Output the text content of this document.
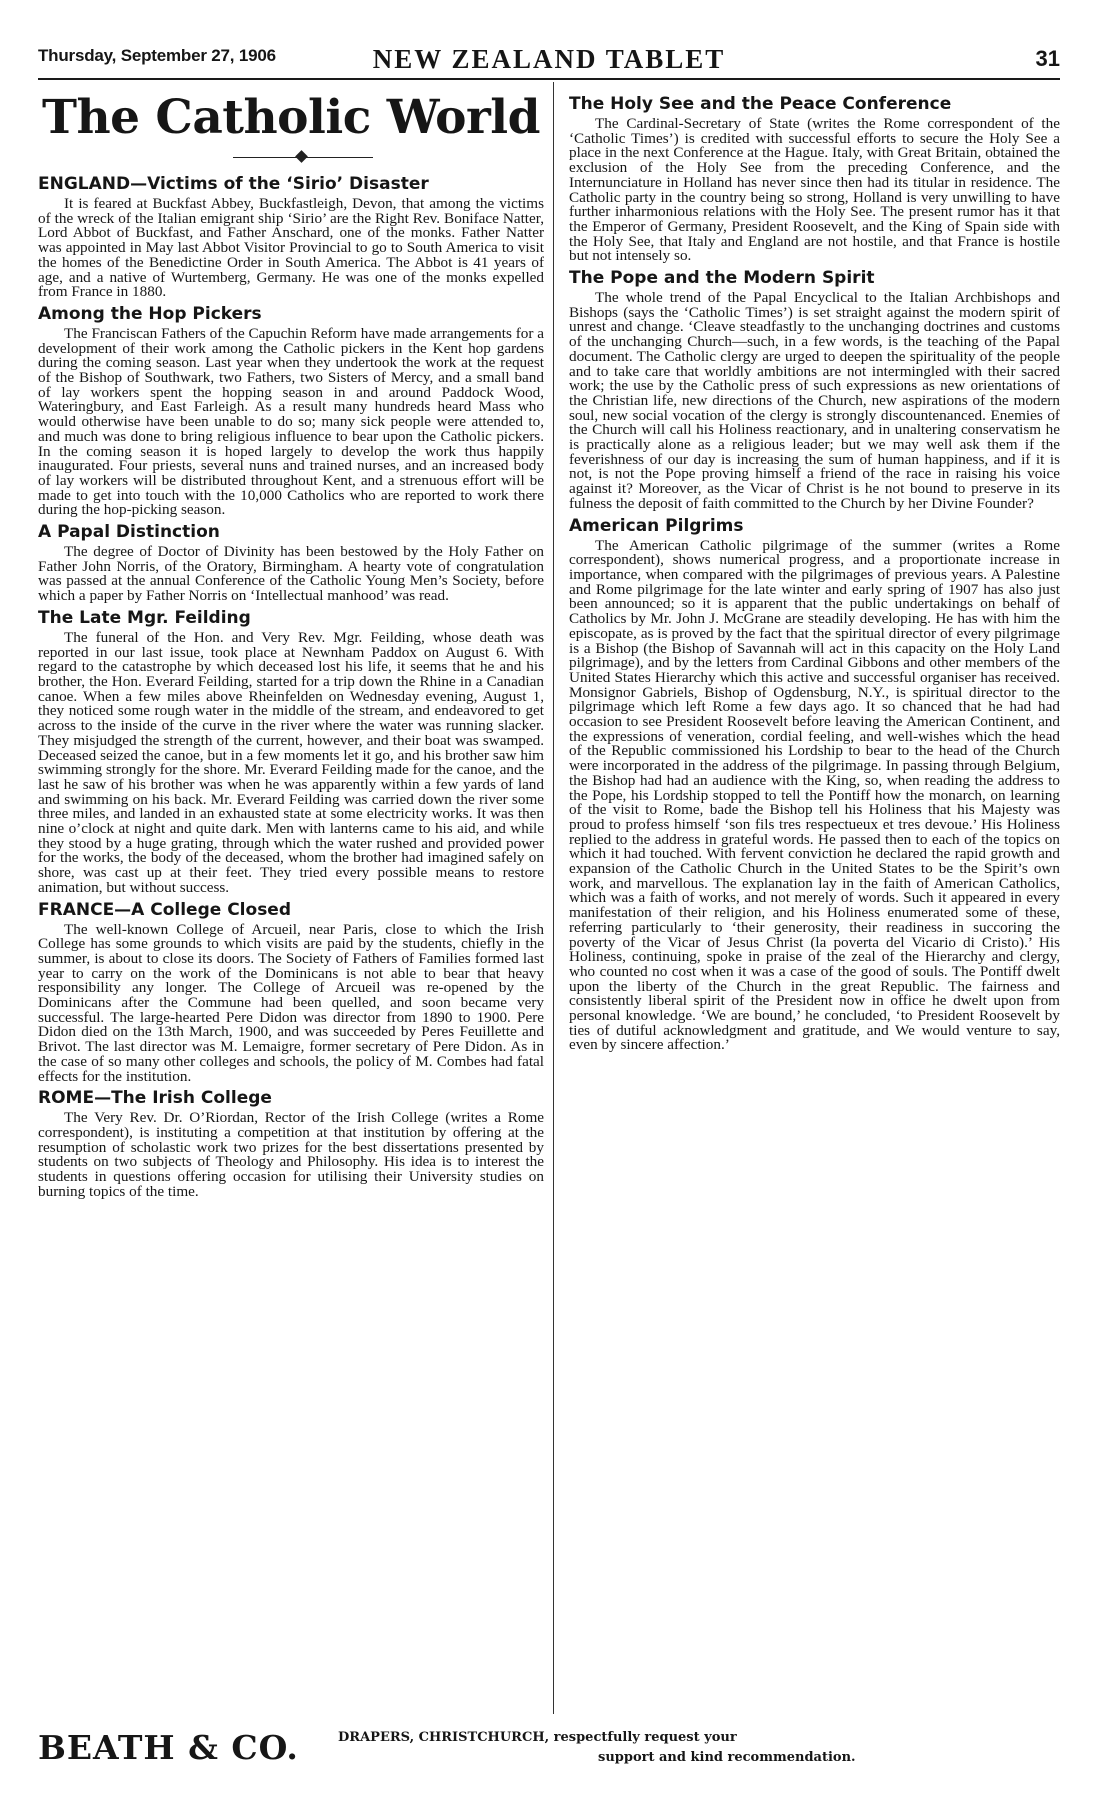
Thursday, September 27, 1906	NEW ZEALAND TABLET	31
The Catholic World
ENGLAND—Victims of the ‘Sirio’ Disaster

It is feared at Buckfast Abbey, Buckfastleigh, Devon, that among the victims of the wreck of the Italian emigrant ship ‘Sirio’ are the Right Rev. Boniface Natter, Lord Abbot of Buckfast, and Father Anschard, one of the monks. Father Natter was appointed in May last Abbot Visitor Provincial to go to South America to visit the homes of the Benedictine Order in South America. The Abbot is 41 years of age, and a native of Wurtemberg, Germany. He was one of the monks expelled from France in 1880.

Among the Hop Pickers

The Franciscan Fathers of the Capuchin Reform have made arrangements for a development of their work among the Catholic pickers in the Kent hop gardens during the coming season. Last year when they undertook the work at the request of the Bishop of Southwark, two Fathers, two Sisters of Mercy, and a small band of lay workers spent the hopping season in and around Paddock Wood, Wateringbury, and East Farleigh. As a result many hundreds heard Mass who would otherwise have been unable to do so; many sick people were attended to, and much was done to bring religious influence to bear upon the Catholic pickers. In the coming season it is hoped largely to develop the work thus happily inaugurated. Four priests, several nuns and trained nurses, and an increased body of lay workers will be distributed throughout Kent, and a strenuous effort will be made to get into touch with the 10,000 Catholics who are reported to work there during the hop-picking season.

A Papal Distinction

The degree of Doctor of Divinity has been bestowed by the Holy Father on Father John Norris, of the Oratory, Birmingham. A hearty vote of congratulation was passed at the annual Conference of the Catholic Young Men’s Society, before which a paper by Father Norris on ‘Intellectual manhood’ was read.

The Late Mgr. Feilding

The funeral of the Hon. and Very Rev. Mgr. Feilding, whose death was reported in our last issue, took place at Newnham Paddox on August 6. With regard to the catastrophe by which deceased lost his life, it seems that he and his brother, the Hon. Everard Feilding, started for a trip down the Rhine in a Canadian canoe. When a few miles above Rheinfelden on Wednesday evening, August 1, they noticed some rough water in the middle of the stream, and endeavored to get across to the inside of the curve in the river where the water was running slacker. They misjudged the strength of the current, however, and their boat was swamped. Deceased seized the canoe, but in a few moments let it go, and his brother saw him swimming strongly for the shore. Mr. Everard Feilding made for the canoe, and the last he saw of his brother was when he was apparently within a few yards of land and swimming on his back. Mr. Everard Feilding was carried down the river some three miles, and landed in an exhausted state at some electricity works. It was then nine o’clock at night and quite dark. Men with lanterns came to his aid, and while they stood by a huge grating, through which the water rushed and provided power for the works, the body of the deceased, whom the brother had imagined safely on shore, was cast up at their feet. They tried every possible means to restore animation, but without success.

FRANCE—A College Closed

The well-known College of Arcueil, near Paris, close to which the Irish College has some grounds to which visits are paid by the students, chiefly in the summer, is about to close its doors. The Society of Fathers of Families formed last year to carry on the work of the Dominicans is not able to bear that heavy responsibility any longer. The College of Arcueil was re-opened by the Dominicans after the Commune had been quelled, and soon became very successful. The large-hearted Pere Didon was director from 1890 to 1900. Pere Didon died on the 13th March, 1900, and was succeeded by Peres Feuillette and Brivot. The last director was M. Lemaigre, former secretary of Pere Didon. As in the case of so many other colleges and schools, the policy of M. Combes had fatal effects for the institution.

ROME—The Irish College

The Very Rev. Dr. O’Riordan, Rector of the Irish College (writes a Rome correspondent), is instituting a competition at that institution by offering at the resumption of scholastic work two prizes for the best dissertations presented by students on two subjects of Theology and Philosophy. His idea is to interest the students in questions offering occasion for utilising their University studies on burning topics of the time.

The Holy See and the Peace Conference

The Cardinal-Secretary of State (writes the Rome correspondent of the ‘Catholic Times’) is credited with successful efforts to secure the Holy See a place in the next Conference at the Hague. Italy, with Great Britain, obtained the exclusion of the Holy See from the preceding Conference, and the Internunciature in Holland has never since then had its titular in residence. The Catholic party in the country being so strong, Holland is very unwilling to have further inharmonious relations with the Holy See. The present rumor has it that the Emperor of Germany, President Roosevelt, and the King of Spain side with the Holy See, that Italy and England are not hostile, and that France is hostile but not intensely so.

The Pope and the Modern Spirit

The whole trend of the Papal Encyclical to the Italian Archbishops and Bishops (says the ‘Catholic Times’) is set straight against the modern spirit of unrest and change. ‘Cleave steadfastly to the unchanging doctrines and customs of the unchanging Church—such, in a few words, is the teaching of the Papal document. The Catholic clergy are urged to deepen the spirituality of the people and to take care that worldly ambitions are not intermingled with their sacred work; the use by the Catholic press of such expressions as new orientations of the Christian life, new directions of the Church, new aspirations of the modern soul, new social vocation of the clergy is strongly discountenanced. Enemies of the Church will call his Holiness reactionary, and in unaltering conservatism he is practically alone as a religious leader; but we may well ask them if the feverishness of our day is increasing the sum of human happiness, and if it is not, is not the Pope proving himself a friend of the race in raising his voice against it? Moreover, as the Vicar of Christ is he not bound to preserve in its fulness the deposit of faith committed to the Church by her Divine Founder?

American Pilgrims

The American Catholic pilgrimage of the summer (writes a Rome correspondent), shows numerical progress, and a proportionate increase in importance, when compared with the pilgrimages of previous years. A Palestine and Rome pilgrimage for the late winter and early spring of 1907 has also just been announced; so it is apparent that the public undertakings on behalf of Catholics by Mr. John J. McGrane are steadily developing. He has with him the episcopate, as is proved by the fact that the spiritual director of every pilgrimage is a Bishop (the Bishop of Savannah will act in this capacity on the Holy Land pilgrimage), and by the letters from Cardinal Gibbons and other members of the United States Hierarchy which this active and successful organiser has received. Monsignor Gabriels, Bishop of Ogdensburg, N.Y., is spiritual director to the pilgrimage which left Rome a few days ago. It so chanced that he had had occasion to see President Roosevelt before leaving the American Continent, and the expressions of veneration, cordial feeling, and well-wishes which the head of the Republic commissioned his Lordship to bear to the head of the Church were incorporated in the address of the pilgrimage. In passing through Belgium, the Bishop had had an audience with the King, so, when reading the address to the Pope, his Lordship stopped to tell the Pontiff how the monarch, on learning of the visit to Rome, bade the Bishop tell his Holiness that his Majesty was proud to profess himself ‘son fils tres respectueux et tres devoue.’ His Holiness replied to the address in grateful words. He passed then to each of the topics on which it had touched. With fervent conviction he declared the rapid growth and expansion of the Catholic Church in the United States to be the Spirit’s own work, and marvellous. The explanation lay in the faith of American Catholics, which was a faith of works, and not merely of words. Such it appeared in every manifestation of their religion, and his Holiness enumerated some of these, referring particularly to ‘their generosity, their readiness in succoring the poverty of the Vicar of Jesus Christ (la poverta del Vicario di Cristo).’ His Holiness, continuing, spoke in praise of the zeal of the Hierarchy and clergy, who counted no cost when it was a case of the good of souls. The Pontiff dwelt upon the liberty of the Church in the great Republic. The fairness and consistently liberal spirit of the President now in office he dwelt upon from personal knowledge. ‘We are bound,’ he concluded, ‘to President Roosevelt by ties of dutiful acknowledgment and gratitude, and We would venture to say, even by sincere affection.’

BEATH & CO.	DRAPERS, CHRISTCHURCH, respectfully request your
support and kind recommendation.
